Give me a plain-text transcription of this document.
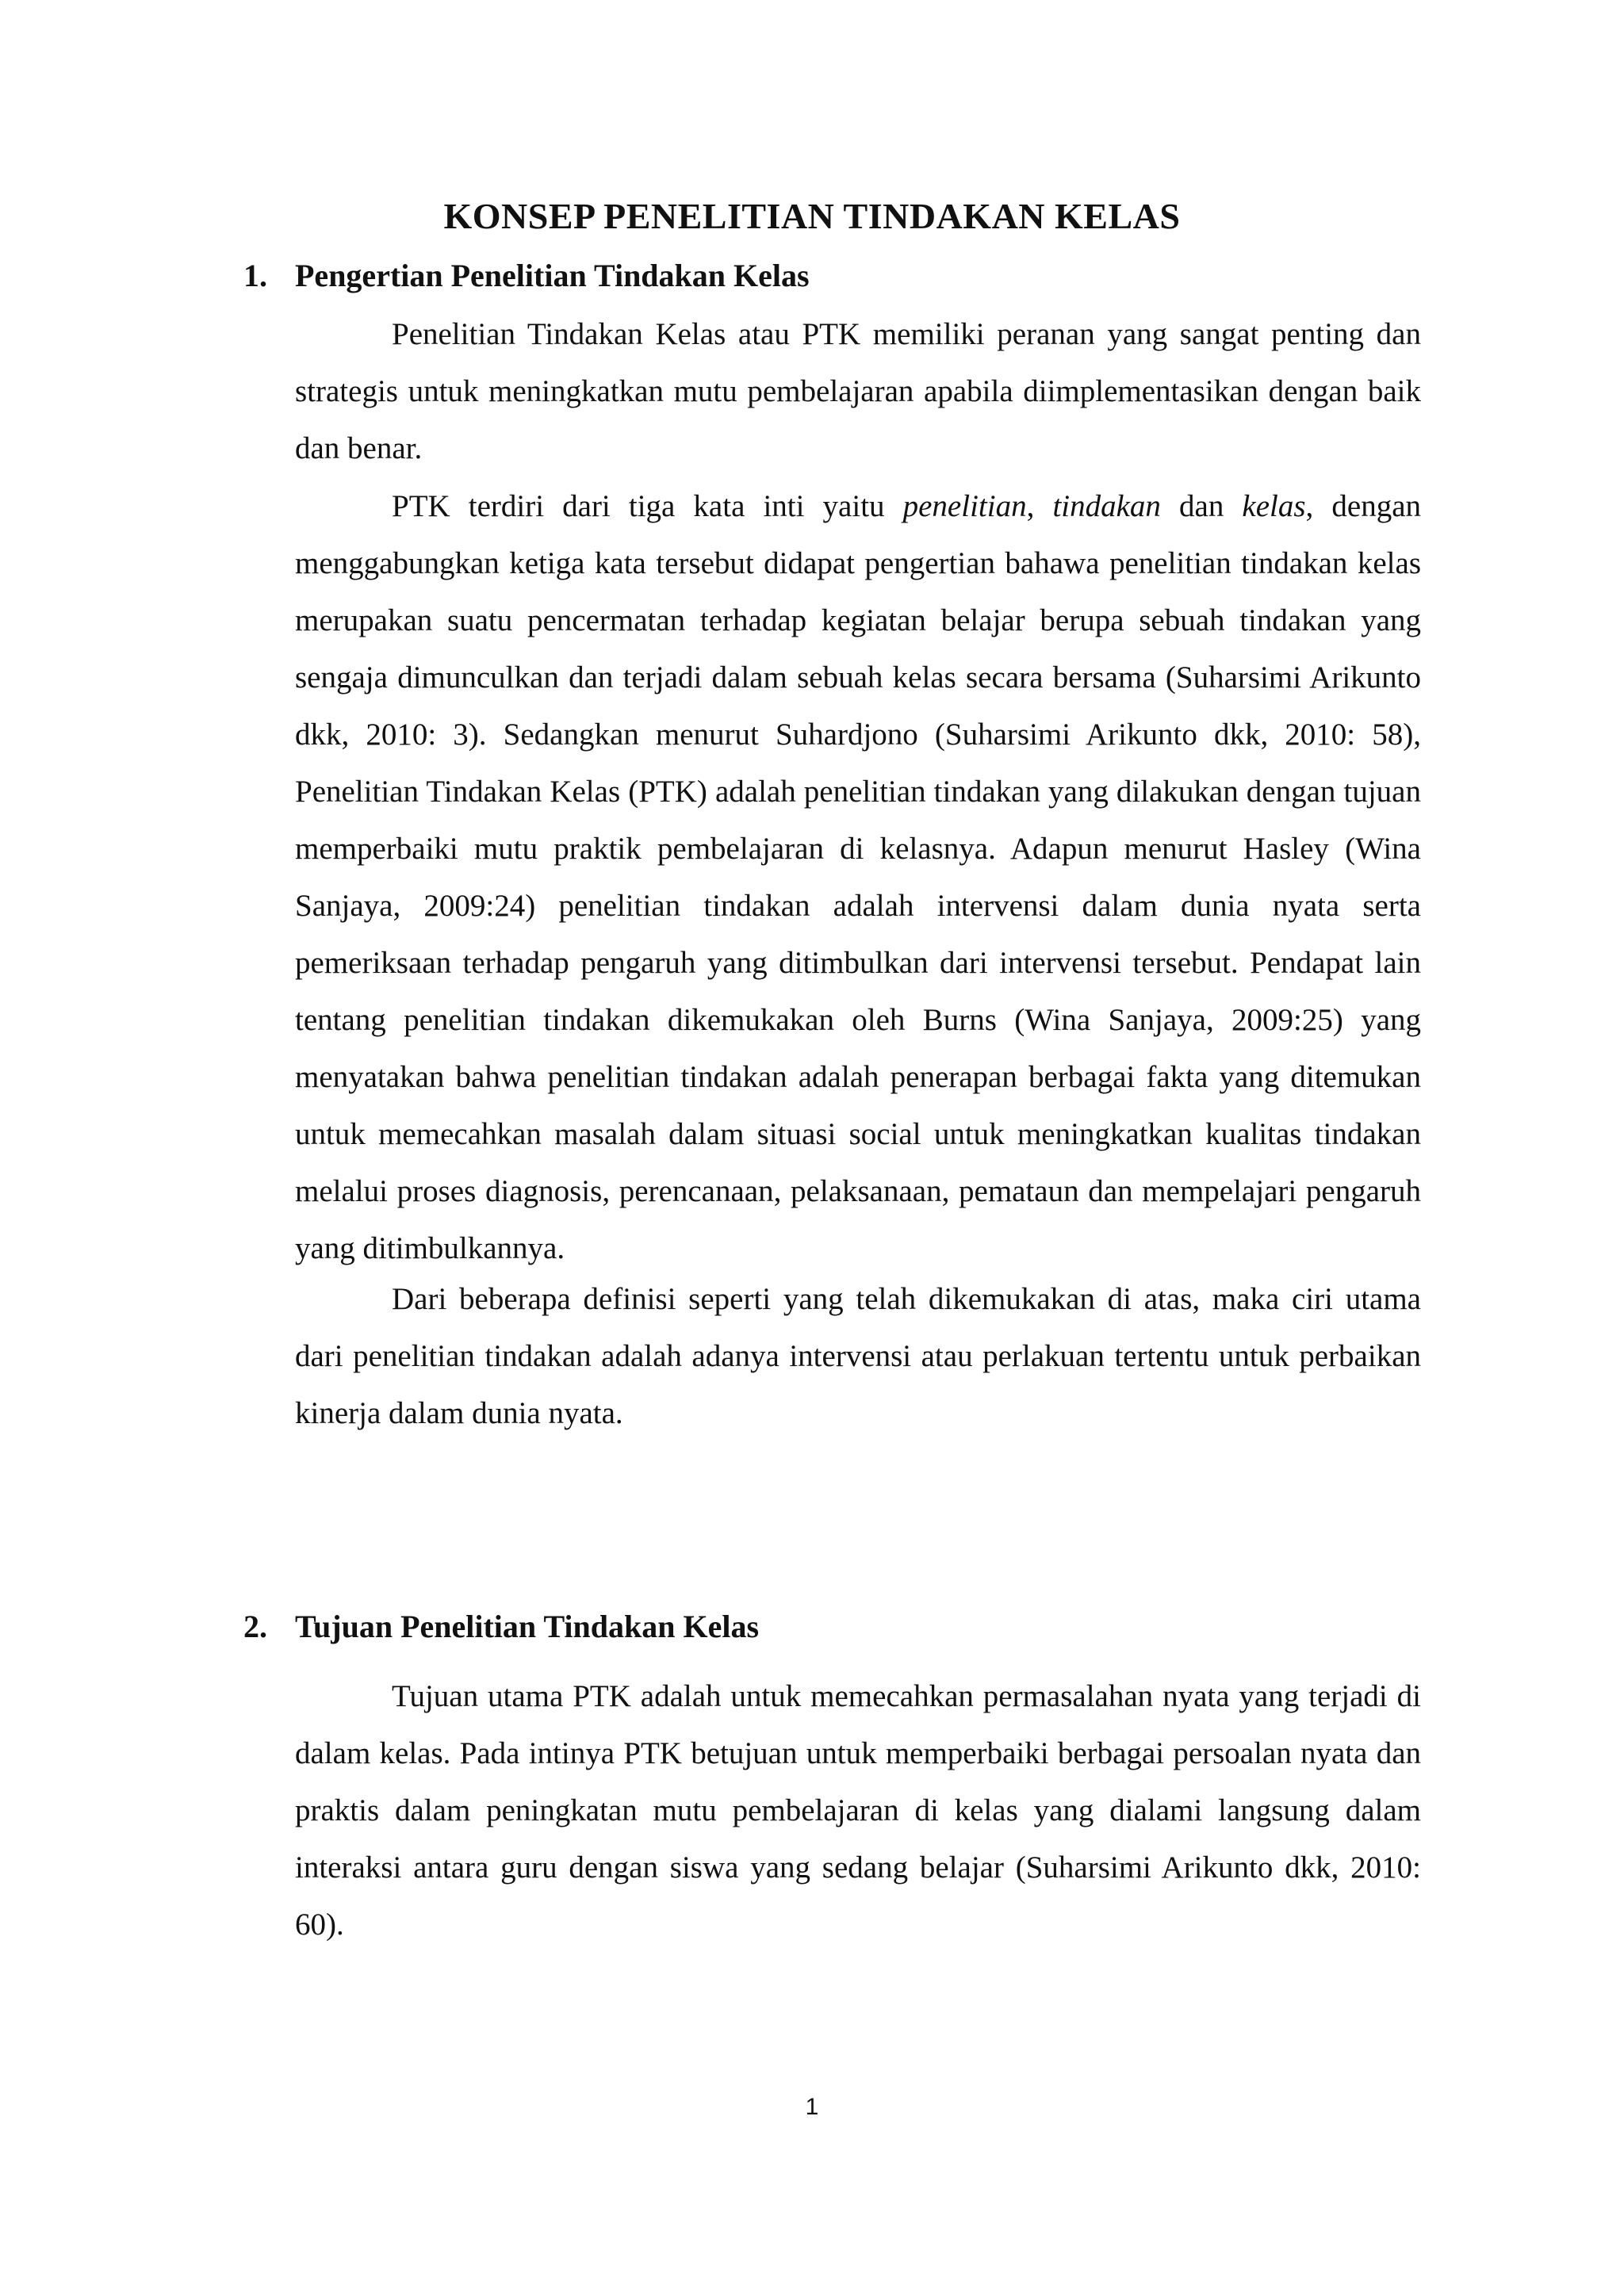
KONSEP PENELITIAN TINDAKAN KELAS
1. Pengertian Penelitian Tindakan Kelas

Penelitian Tindakan Kelas atau PTK memiliki peranan yang sangat penting dan strategis untuk meningkatkan mutu pembelajaran apabila diimplementasikan dengan baik dan benar.

PTK terdiri dari tiga kata inti yaitu penelitian, tindakan dan kelas, dengan menggabungkan ketiga kata tersebut didapat pengertian bahawa penelitian tindakan kelas merupakan suatu pencermatan terhadap kegiatan belajar berupa sebuah tindakan yang sengaja dimunculkan dan terjadi dalam sebuah kelas secara bersama (Suharsimi Arikunto dkk, 2010: 3). Sedangkan menurut Suhardjono (Suharsimi Arikunto dkk, 2010: 58), Penelitian Tindakan Kelas (PTK) adalah penelitian tindakan yang dilakukan dengan tujuan memperbaiki mutu praktik pembelajaran di kelasnya. Adapun menurut Hasley (Wina Sanjaya, 2009:24) penelitian tindakan adalah intervensi dalam dunia nyata serta pemeriksaan terhadap pengaruh yang ditimbulkan dari intervensi tersebut. Pendapat lain tentang penelitian tindakan dikemukakan oleh Burns (Wina Sanjaya, 2009:25) yang menyatakan bahwa penelitian tindakan adalah penerapan berbagai fakta yang ditemukan untuk memecahkan masalah dalam situasi social untuk meningkatkan kualitas tindakan melalui proses diagnosis, perencanaan, pelaksanaan, pemataun dan mempelajari pengaruh yang ditimbulkannya.

Dari beberapa definisi seperti yang telah dikemukakan di atas, maka ciri utama dari penelitian tindakan adalah adanya intervensi atau perlakuan tertentu untuk perbaikan kinerja dalam dunia nyata.

2. Tujuan Penelitian Tindakan Kelas

Tujuan utama PTK adalah untuk memecahkan permasalahan nyata yang terjadi di dalam kelas. Pada intinya PTK betujuan untuk memperbaiki berbagai persoalan nyata dan praktis dalam peningkatan mutu pembelajaran di kelas yang dialami langsung dalam interaksi antara guru dengan siswa yang sedang belajar (Suharsimi Arikunto dkk, 2010: 60).

1
